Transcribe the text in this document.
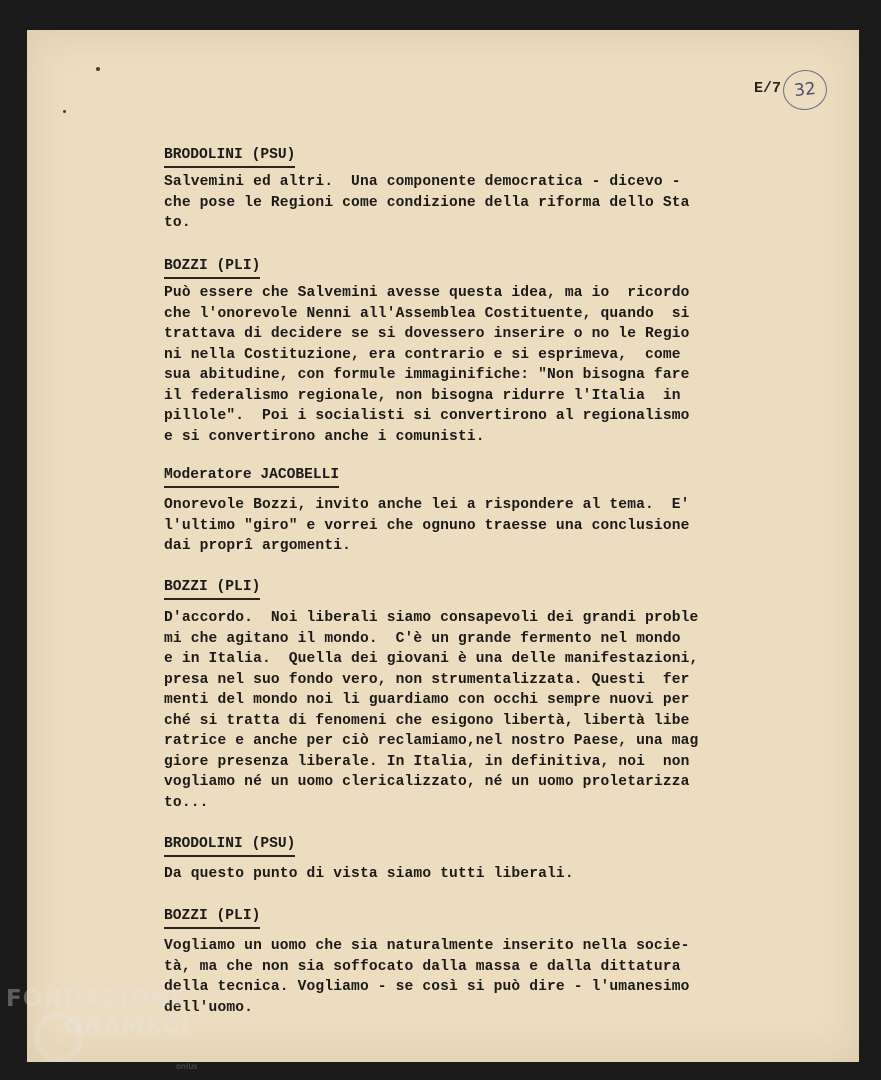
32
E/7
BRODOLINI (PSU)
Salvemini ed altri.  Una componente democratica - dicevo -
che pose le Regioni come condizione della riforma dello Sta
to.
BOZZI (PLI)
Può essere che Salvemini avesse questa idea, ma io  ricordo
che l'onorevole Nenni all'Assemblea Costituente, quando  si
trattava di decidere se si dovessero inserire o no le Regio
ni nella Costituzione, era contrario e si esprimeva,  come
sua abitudine, con formule immaginifiche: "Non bisogna fare
il federalismo regionale, non bisogna ridurre l'Italia  in
pillole".  Poi i socialisti si convertirono al regionalismo
e si convertirono anche i comunisti.
Moderatore JACOBELLI
Onorevole Bozzi, invito anche lei a rispondere al tema.  E'
l'ultimo "giro" e vorrei che ognuno traesse una conclusione
dai proprî argomenti.
BOZZI (PLI)
D'accordo.  Noi liberali siamo consapevoli dei grandi proble
mi che agitano il mondo.  C'è un grande fermento nel mondo
e in Italia.  Quella dei giovani è una delle manifestazioni,
presa nel suo fondo vero, non strumentalizzata. Questi  fer
menti del mondo noi li guardiamo con occhi sempre nuovi per
ché si tratta di fenomeni che esigono libertà, libertà libe
ratrice e anche per ciò reclamiamo,nel nostro Paese, una mag
giore presenza liberale. In Italia, in definitiva, noi  non
vogliamo né un uomo clericalizzato, né un uomo proletarizza
to...
BRODOLINI (PSU)
Da questo punto di vista siamo tutti liberali.
BOZZI (PLI)
Vogliamo un uomo che sia naturalmente inserito nella socie-
tà, ma che non sia soffocato dalla massa e dalla dittatura
della tecnica. Vogliamo - se così si può dire - l'umanesimo
dell'uomo.
FONDAZIONE
GRAMSCI
onlus
